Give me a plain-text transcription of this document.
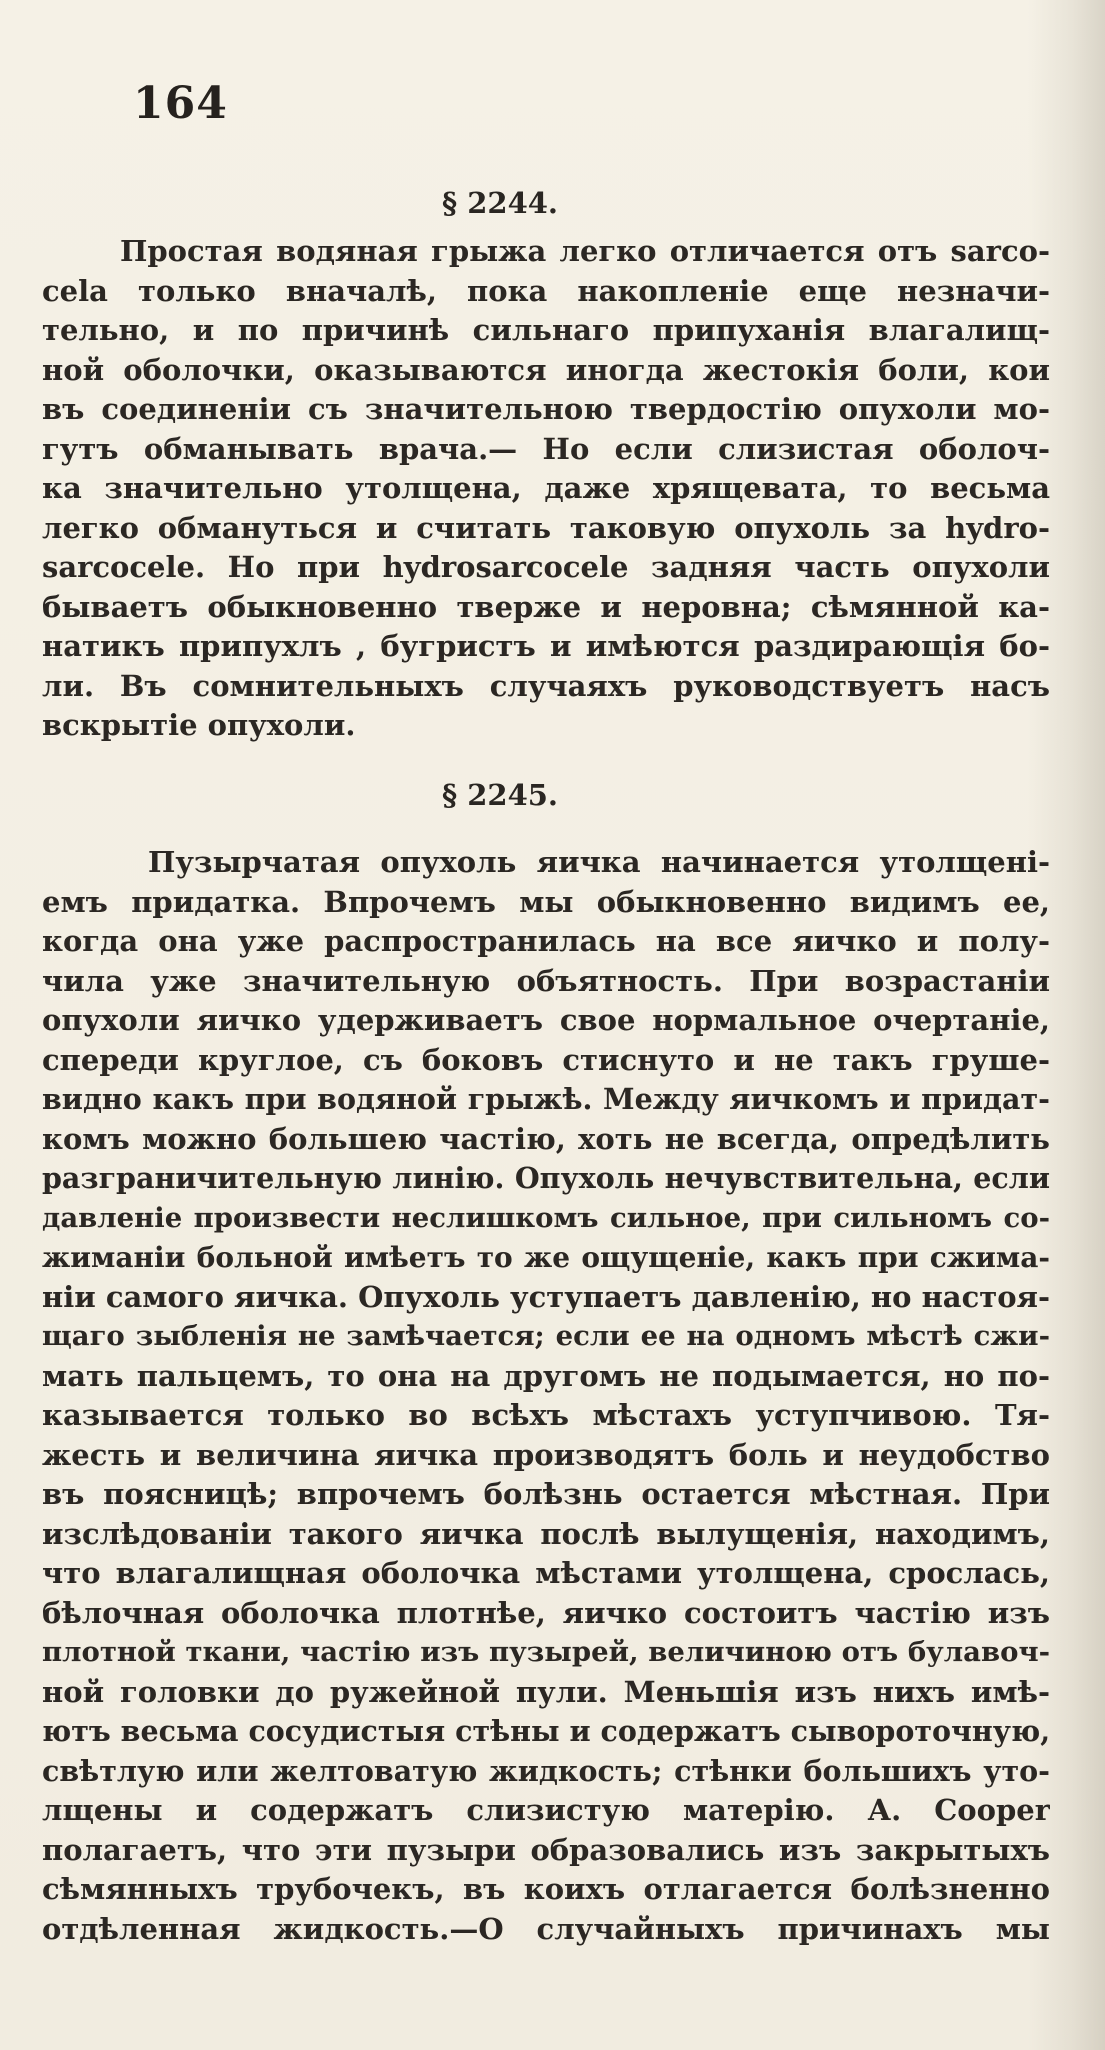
164
§ 2244.
Простая водяная грыжа легко отличается отъ sarco-
cela только вначалѣ, пока накопленіе еще незначи-
тельно, и по причинѣ сильнаго припуханія влагалищ-
ной оболочки, оказываются иногда жестокія боли, кои
въ соединеніи съ значительною твердостію опухоли мо-
гутъ обманывать врача.— Но если слизистая оболоч-
ка значительно утолщена, даже хрящевата, то весьма
легко обмануться и считать таковую опухоль за hydro-
sarcocele. Но при hydrosarcocele задняя часть опухоли
бываетъ обыкновенно тверже и неровна; сѣмянной ка-
натикъ припухлъ , бугристъ и имѣются раздирающія бо-
ли. Въ сомнительныхъ случаяхъ руководствуетъ насъ
вскрытіе опухоли.
§ 2245.
Пузырчатая опухоль яичка начинается утолщені-
емъ придатка. Впрочемъ мы обыкновенно видимъ ее,
когда она уже распространилась на все яичко и полу-
чила уже значительную объятность. При возрастаніи
опухоли яичко удерживаетъ свое нормальное очертаніе,
спереди круглое, съ боковъ стиснуто и не такъ груше-
видно какъ при водяной грыжѣ. Между яичкомъ и придат-
комъ можно большею частію, хоть не всегда, опредѣлить
разграничительную линію. Опухоль нечувствительна, если
давленіе произвести неслишкомъ сильное, при сильномъ со-
жиманіи больной имѣетъ то же ощущеніе, какъ при сжима-
ніи самого яичка. Опухоль уступаетъ давленію, но настоя-
щаго зыбленія не замѣчается; если ее на одномъ мѣстѣ сжи-
мать пальцемъ, то она на другомъ не подымается, но по-
казывается только во всѣхъ мѣстахъ уступчивою. Тя-
жесть и величина яичка производятъ боль и неудобство
въ поясницѣ; впрочемъ болѣзнь остается мѣстная. При
изслѣдованіи такого яичка послѣ вылущенія, находимъ,
что влагалищная оболочка мѣстами утолщена, срослась,
бѣлочная оболочка плотнѣе, яичко состоитъ частію изъ
плотной ткани, частію изъ пузырей, величиною отъ булавоч-
ной головки до ружейной пули. Меньшія изъ нихъ имѣ-
ютъ весьма сосудистыя стѣны и содержатъ сывороточную,
свѣтлую или желтоватую жидкость; стѣнки большихъ уто-
лщены и содержатъ слизистую матерію. А. Cooper
полагаетъ, что эти пузыри образовались изъ закрытыхъ
сѣмянныхъ трубочекъ, въ коихъ отлагается болѣзненно
отдѣленная жидкость.—О случайныхъ причинахъ мы
